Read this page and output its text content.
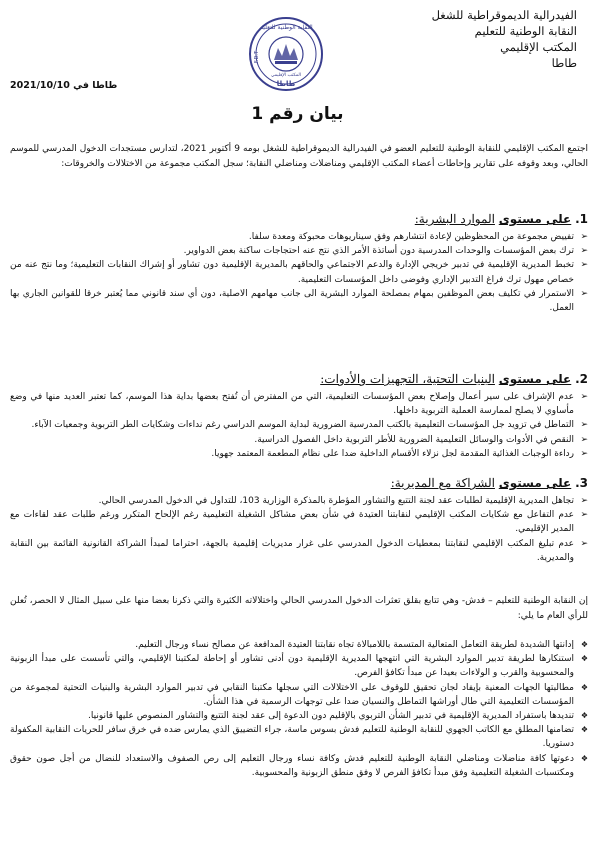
الفيدرالية الديموقراطية للشغل
النقابة الوطنية للتعليم
المكتب الإقليمي
طاطا
النقابة الوطنية للتعليم
طاطا
F.D.T
المكتب الإقليمي
طاطا في 2021/10/10
بيان رقم 1
اجتمع المكتب الإقليمي للنقابة الوطنية للتعليم العضو في الفيدرالية الديموقراطية للشغل بومه 9 أكتوبر 2021، لتدارس مستجدات الدخول المدرسي للموسم الحالي، وبعد وقوفه على تقارير وإحاطات أعضاء المكتب الإقليمي ومناضلات ومناضلي النقابة؛ سجل المكتب مجموعة من الاختلالات والخروقات:
1. على مستوى الموارد البشرية:
➢
تفييض مجموعة من المحظوظين لإعادة انتشارهم وفق سيناريوهات محبوكة ومعدة سلفا.
➢
ترك بعض المؤسسات والوحدات المدرسية دون أساتذة الأمر الذي نتج عنه احتجاجات ساكنة بعض الدواوير.
➢
تخبط المديرية الإقليمية في تدبير خريجي الإدارة والدعم الاجتماعي والحاقهم بالمديرية الإقليمية دون تشاور أو إشراك النقابات التعليمية؛ وما نتج عنه من خصاص مهول ترك فراغ التدبير الإداري وفوضى داخل المؤسسات التعليمية.
➢
الاستمرار في تكليف بعض الموظفين بمهام بمصلحة الموارد البشرية الى جانب مهامهم الاصلية، دون أي سند قانوني مما يُعتبر خرقا للقوانين الجاري بها العمل.
2. على مستوى البنيات التحتية، التجهيزات والأدوات:
➢
عدم الإشراف على سير أعمال وإصلاح بعض المؤسسات التعليمية، التي من المفترض أن تُفتح بعضها بداية هذا الموسم، كما تعتبر العديد منها في وضع مأساوي لا يصلح لممارسة العملية التربوية داخلها.
➢
التماطل في تزويد جل المؤسسات التعليمية بالكتب المدرسية الضرورية لبداية الموسم الدراسي رغم نداءات وشكايات الطر التربوية وجمعيات الآباء.
➢
النقص في الأدوات والوسائل التعليمية الضرورية للأطر التربوية داخل الفصول الدراسية.
➢
رداءة الوجبات الغذائية المقدمة لجل نزلاء الأقسام الداخلية ضدا على نظام المطعمة المعتمد جهويا.
3. على مستوى الشراكة مع المديرية:
➢
تجاهل المديرية الإقليمية لطلبات عقد لجنة التتبع والتشاور المؤطرة بالمذكرة الوزارية 103، للتداول في الدخول المدرسي الحالي.
➢
عدم التفاعل مع شكايات المكتب الإقليمي لنقابتنا العتيدة في شأن بعض مشاكل الشغيلة التعليمية رغم الإلحاح المتكرر ورغم طلبات عقد لقاءات مع المدير الإقليمي.
➢
عدم تبليغ المكتب الإقليمي لنقابتنا بمعطيات الدخول المدرسي على غرار مديريات إقليمية بالجهة، احتراما لمبدأ الشراكة القانونية القائمة بين النقابة والمديرية.
إن النقابة الوطنية للتعليم – فدش- وهي تتابع بقلق تعثرات الدخول المدرسي الحالي واختلالاته الكثيرة والتي ذكرنا بعضا منها على سبيل المثال لا الحصر، تُعلن للرأي العام ما يلي:
❖
إدانتها الشديدة لطريقة التعامل المتعالية المتسمة باللامبالاة تجاه نقابتنا العتيدة المدافعة عن مصالح نساء ورجال التعليم.
❖
استنكارها لطريقة تدبير الموارد البشرية التي انتهجها المديرية الإقليمية دون أدنى تشاور أو إحاطة لمكتبنا الإقليمي، والتي تأسست على مبدأ الزبونية والمحسوبية والقرب و الولاءات بعيدا عن مبدأ تكافؤ الفرص.
❖
مطالبتها الجهات المعنية بإيفاد لجان تحقيق للوقوف على الاختلالات التي سجلها مكتبنا النقابي في تدبير الموارد البشرية والبنيات التحتية لمجموعة من المؤسسات التعليمية التي طال أوراشها التماطل والنسيان ضدا على توجهات الرسمية في هذا الشأن.
❖
تنديدها باستفراد المديرية الإقليمية في تدبير الشأن التربوي بالإقليم دون الدعوة إلى عقد لجنة التتبع والتشاور المنصوص عليها قانونيا.
❖
تضامنها المطلق مع الكاتب الجهوي للنقابة الوطنية للتعليم فدش بسوس ماسة، جراء التضييق الذي يمارس ضده في خرق سافر للحريات النقابية المكفولة دستوريا.
❖
دعوتها كافة مناضلات ومناضلي النقابة الوطنية للتعليم فدش وكافة نساء ورجال التعليم إلى رص الصفوف والاستعداد للنضال من أجل صون حقوق ومكتسبات الشغيلة التعليمية وفق مبدأ تكافؤ الفرص لا وفق منطق الزبونية والمحسوبية.
